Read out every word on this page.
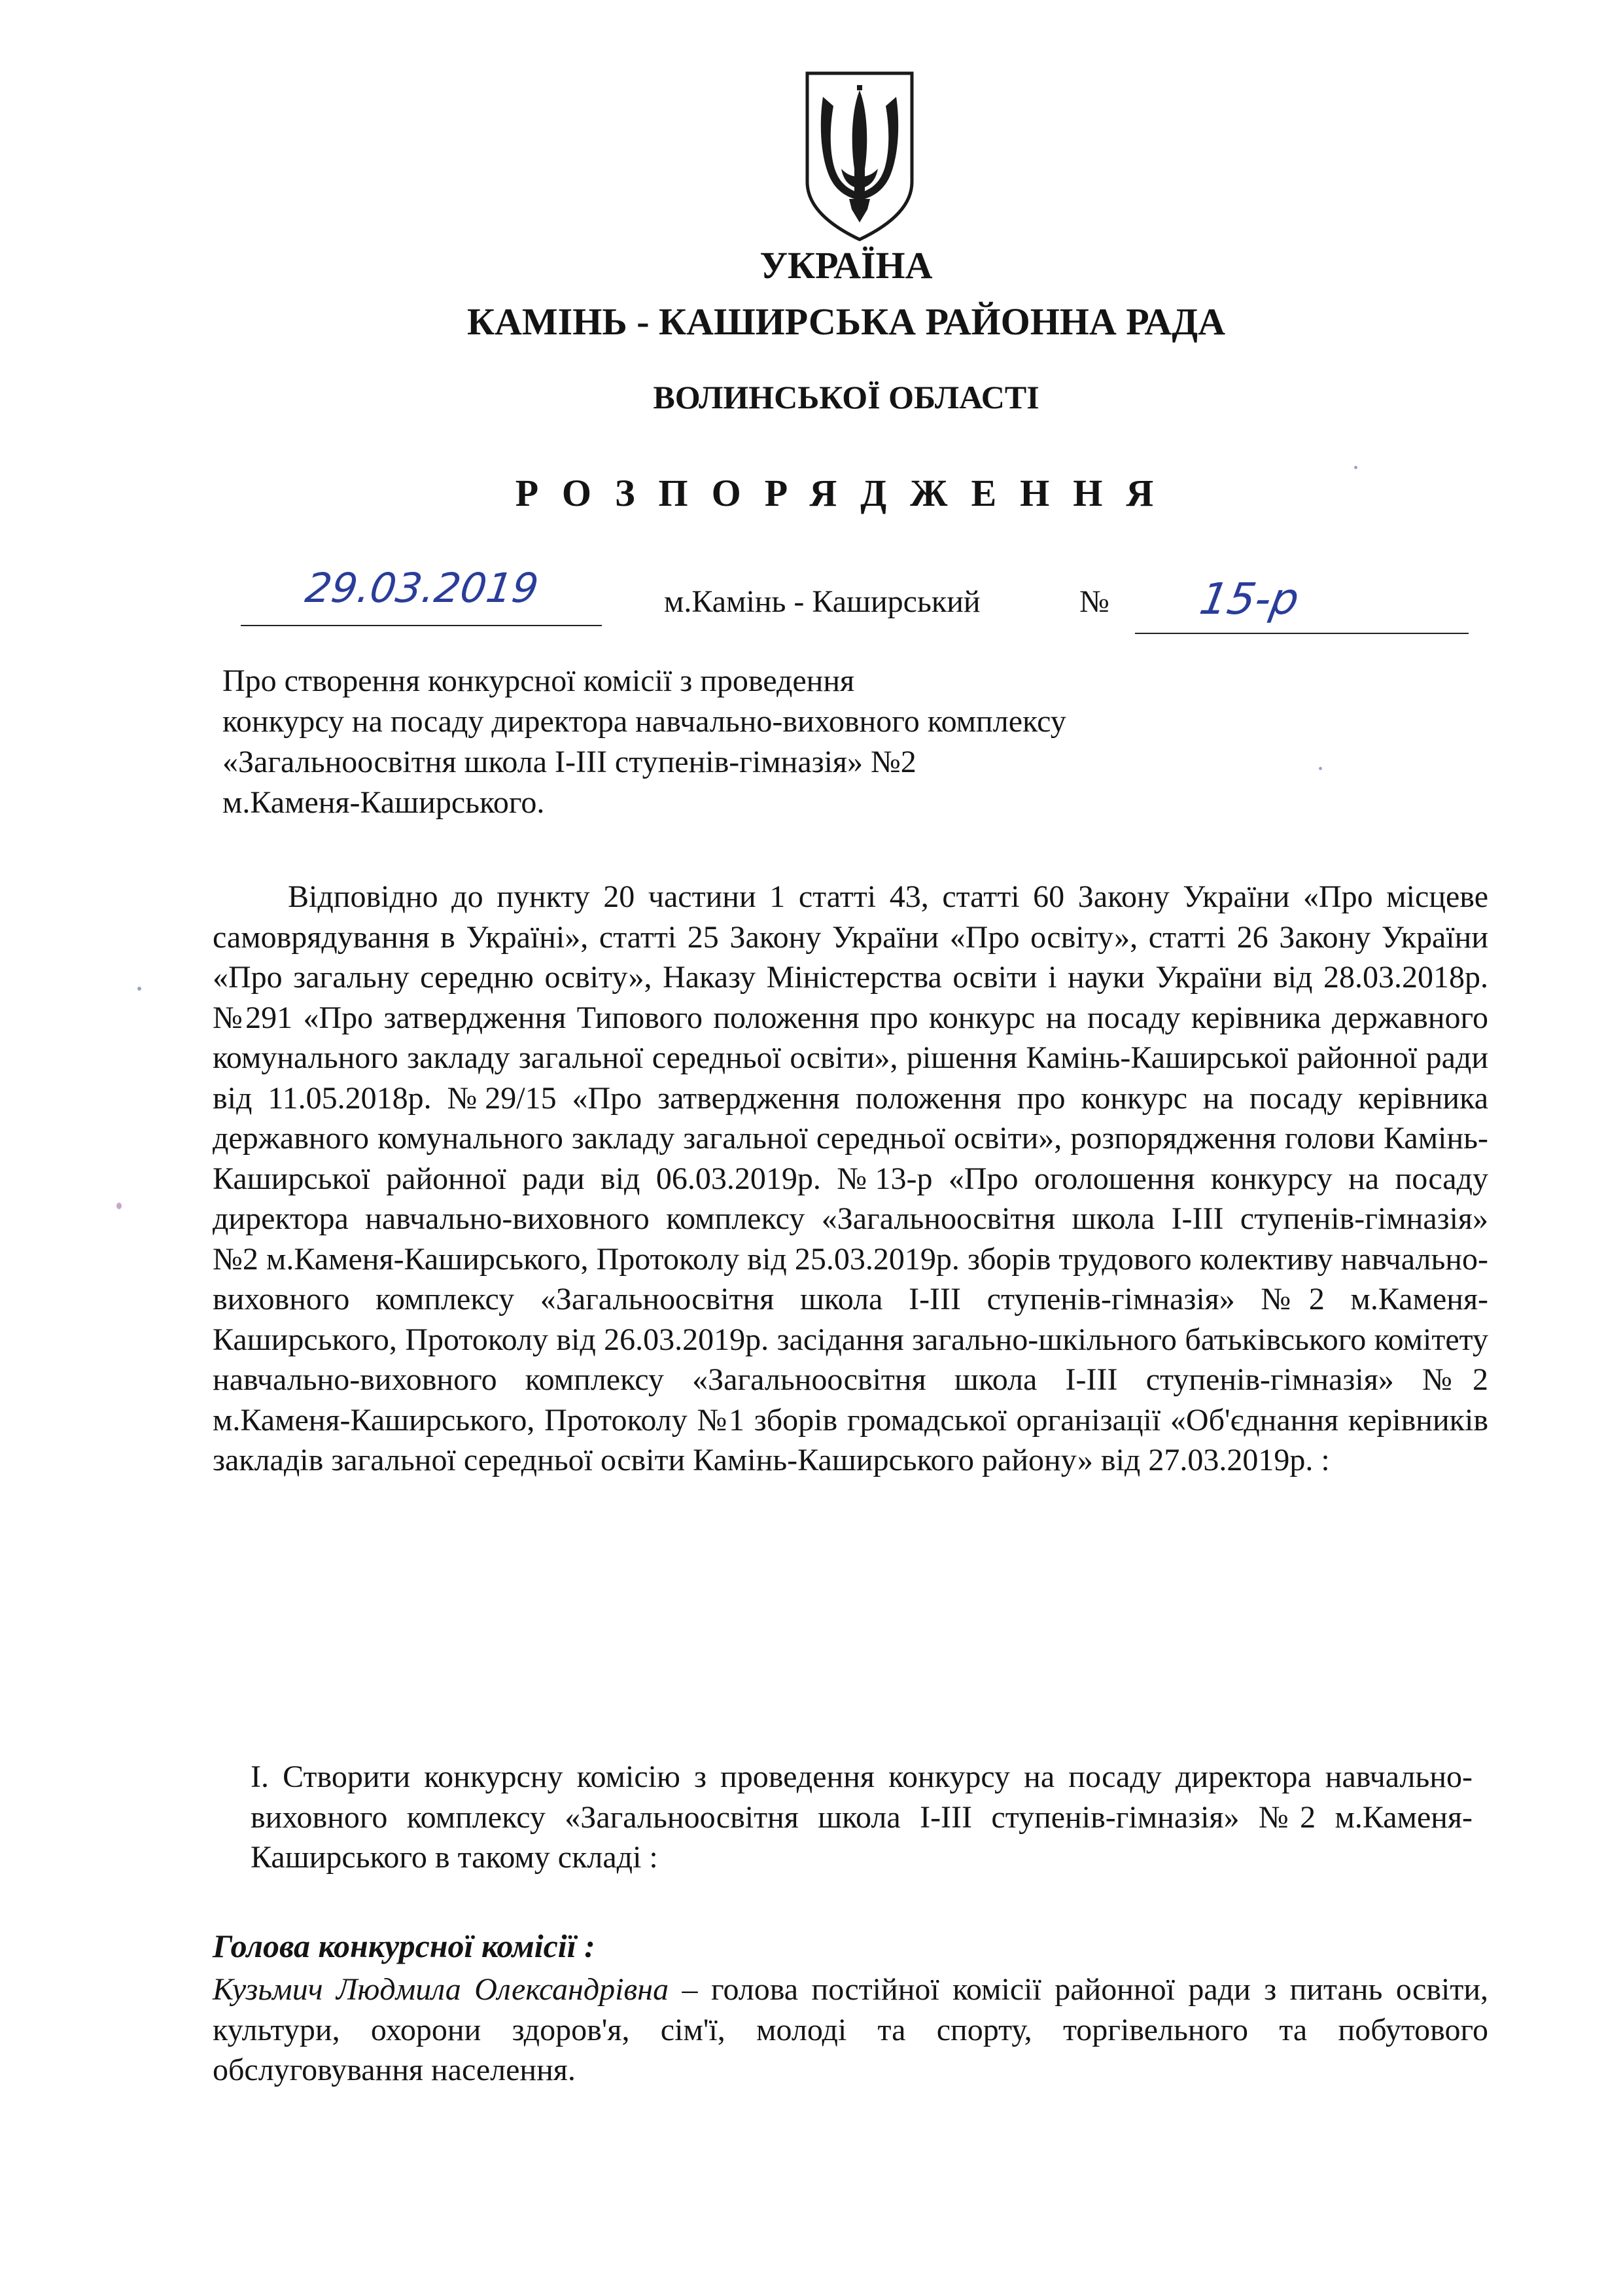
УКРАЇНА
КАМІНЬ - КАШИРСЬКА РАЙОННА РАДА
ВОЛИНСЬКОЇ ОБЛАСТІ
РОЗПОРЯДЖЕННЯ
29.03.2019	м.Камінь - Каширський	№	15-р
Про створення конкурсної комісії з проведення
конкурсу на посаду директора навчально-виховного комплексу
«Загальноосвітня школа І-ІІІ ступенів-гімназія» №2
м.Каменя-Каширського.

Відповідно до пункту 20 частини 1 статті 43, статті 60 Закону України «Про місцеве самоврядування в Україні», статті 25 Закону України «Про освіту», статті 26 Закону України «Про загальну середню освіту», Наказу Міністерства освіти і науки України від 28.03.2018р. №291 «Про затвердження Типового положення про конкурс на посаду керівника державного комунального закладу загальної середньої освіти», рішення Камінь-Каширської районної ради від 11.05.2018р. №29/15 «Про затвердження положення про конкурс на посаду керівника державного комунального закладу загальної середньої освіти», розпорядження голови Камінь-Каширської районної ради від 06.03.2019р. №13-р «Про оголошення конкурсу на посаду директора навчально-виховного комплексу «Загальноосвітня школа І-ІІІ ступенів-гімназія» №2 м.Каменя-Каширського, Протоколу від 25.03.2019р. зборів трудового колективу навчально-виховного комплексу «Загальноосвітня школа І-ІІІ ступенів-гімназія» №2 м.Каменя-Каширського, Протоколу від 26.03.2019р. засідання загально-шкільного батьківського комітету навчально-виховного комплексу «Загальноосвітня школа І-ІІІ ступенів-гімназія» №2 м.Каменя-Каширського, Протоколу №1 зборів громадської організації «Об'єднання керівників закладів загальної середньої освіти Камінь-Каширського району» від 27.03.2019р. :

І. Створити конкурсну комісію з проведення конкурсу на посаду директора навчально-виховного комплексу «Загальноосвітня школа І-ІІІ ступенів-гімназія» №2 м.Каменя-Каширського в такому складі :

Голова конкурсної комісії :

Кузьмич Людмила Олександрівна – голова постійної комісії районної ради з питань освіти, культури, охорони здоров'я, сім'ї, молоді та спорту, торгівельного та побутового обслуговування населення.
